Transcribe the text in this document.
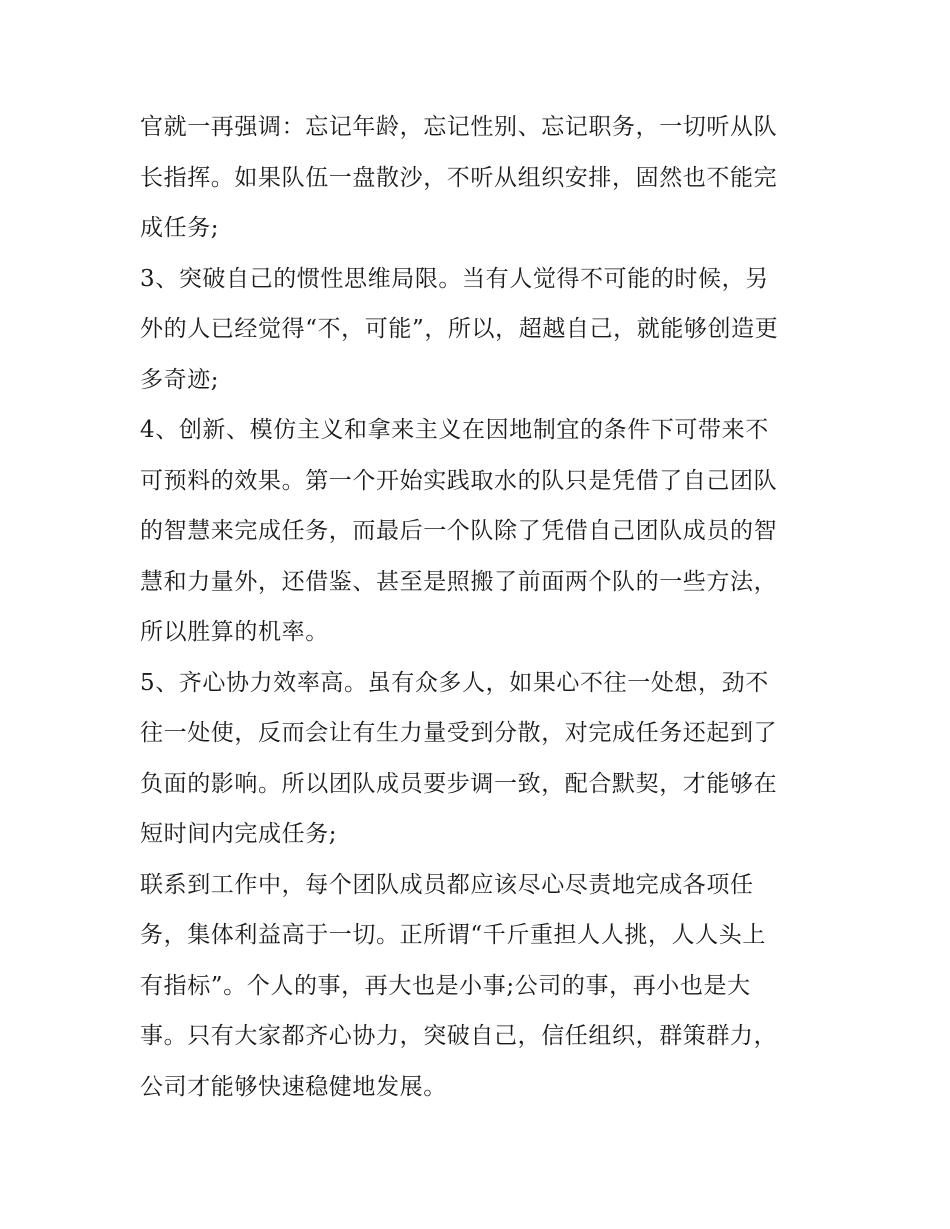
官就一再强调：忘记年龄，忘记性别、忘记职务，一切听从队
长指挥。如果队伍一盘散沙，不听从组织安排，固然也不能完
成任务;

3、突破自己的惯性思维局限。当有人觉得不可能的时候，另
外的人已经觉得“不，可能”，所以，超越自己，就能够创造更
多奇迹;

4、创新、模仿主义和拿来主义在因地制宜的条件下可带来不
可预料的效果。第一个开始实践取水的队只是凭借了自己团队
的智慧来完成任务，而最后一个队除了凭借自己团队成员的智
慧和力量外，还借鉴、甚至是照搬了前面两个队的一些方法，
所以胜算的机率。

5、齐心协力效率高。虽有众多人，如果心不往一处想，劲不
往一处使，反而会让有生力量受到分散，对完成任务还起到了
负面的影响。所以团队成员要步调一致，配合默契，才能够在
短时间内完成任务;

联系到工作中，每个团队成员都应该尽心尽责地完成各项任
务，集体利益高于一切。正所谓“千斤重担人人挑，人人头上
有指标”。个人的事，再大也是小事;公司的事，再小也是大
事。只有大家都齐心协力，突破自己，信任组织，群策群力，
公司才能够快速稳健地发展。
